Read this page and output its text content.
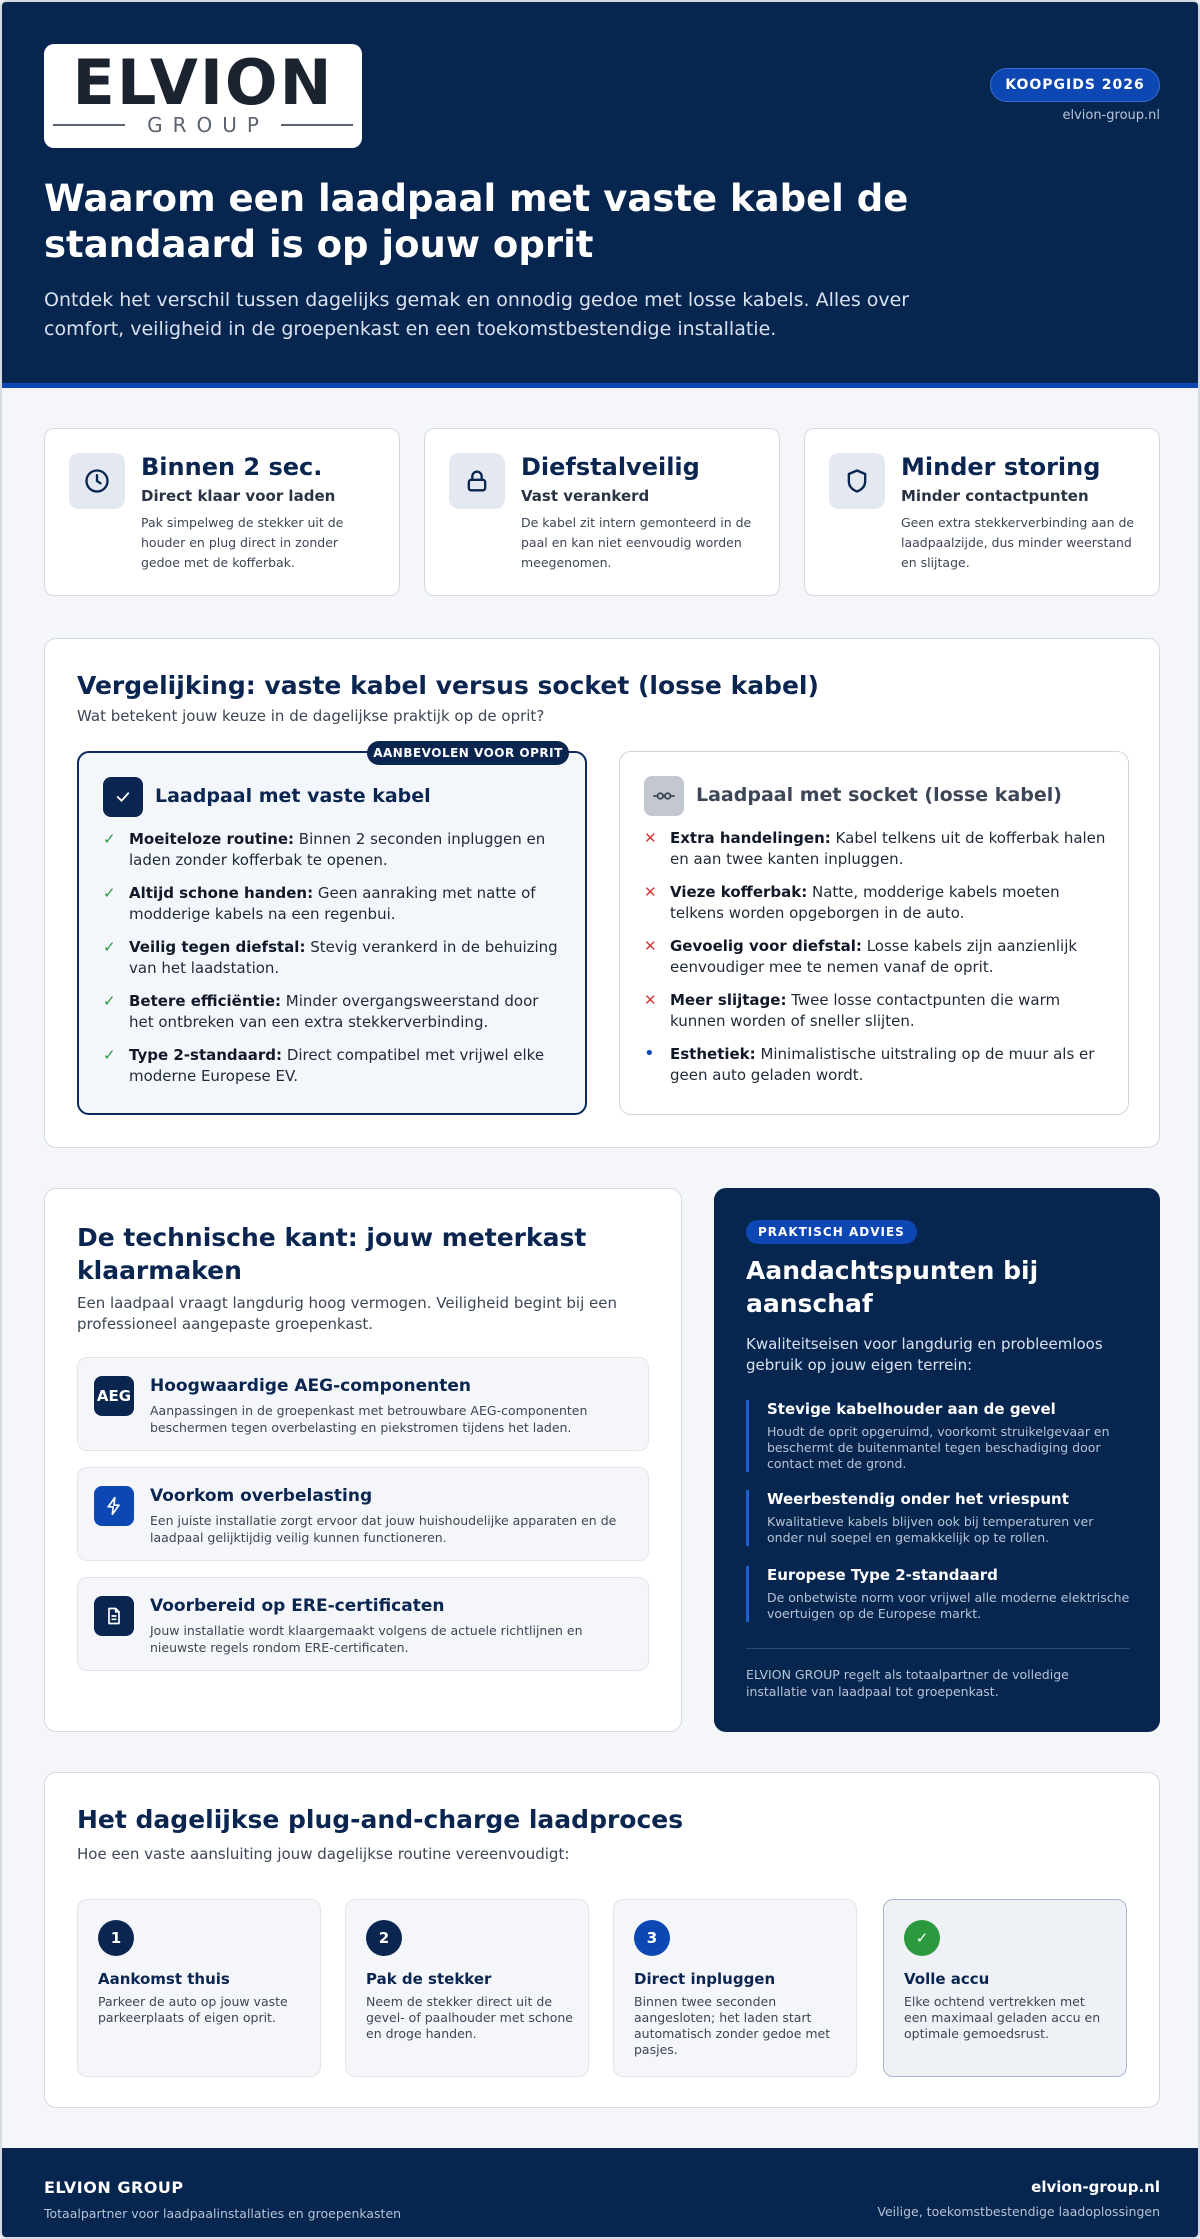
ELVION
GROUP
KOOPGIDS 2026
elvion-group.nl
Waarom een laadpaal met vaste kabel de standaard is op jouw oprit

Ontdek het verschil tussen dagelijks gemak en onnodig gedoe met losse kabels. Alles over comfort, veiligheid in de groepenkast en een toekomstbestendige installatie.

Binnen 2 sec.
Direct klaar voor laden
Pak simpelweg de stekker uit de houder en plug direct in zonder gedoe met de kofferbak.
Diefstalveilig
Vast verankerd
De kabel zit intern gemonteerd in de paal en kan niet eenvoudig worden meegenomen.
Minder storing
Minder contactpunten
Geen extra stekkerverbinding aan de laadpaalzijde, dus minder weerstand en slijtage.
Vergelijking: vaste kabel versus socket (losse kabel)

Wat betekent jouw keuze in de dagelijkse praktijk op de oprit?

AANBEVOLEN VOOR OPRIT
Laadpaal met vaste kabel
✓ Moeiteloze routine: Binnen 2 seconden inpluggen en laden zonder kofferbak te openen.
✓ Altijd schone handen: Geen aanraking met natte of modderige kabels na een regenbui.
✓ Veilig tegen diefstal: Stevig verankerd in de behuizing van het laadstation.
✓ Betere efficiëntie: Minder overgangsweerstand door het ontbreken van een extra stekkerverbinding.
✓ Type 2-standaard: Direct compatibel met vrijwel elke moderne Europese EV.
Laadpaal met socket (losse kabel)
✕ Extra handelingen: Kabel telkens uit de kofferbak halen en aan twee kanten inpluggen.
✕ Vieze kofferbak: Natte, modderige kabels moeten telkens worden opgeborgen in de auto.
✕ Gevoelig voor diefstal: Losse kabels zijn aanzienlijk eenvoudiger mee te nemen vanaf de oprit.
✕ Meer slijtage: Twee losse contactpunten die warm kunnen worden of sneller slijten.
• Esthetiek: Minimalistische uitstraling op de muur als er geen auto geladen wordt.
De technische kant: jouw meterkast klaarmaken

Een laadpaal vraagt langdurig hoog vermogen. Veiligheid begint bij een professioneel aangepaste groepenkast.

AEG Hoogwaardige AEG-componenten
Aanpassingen in de groepenkast met betrouwbare AEG-componenten beschermen tegen overbelasting en piekstromen tijdens het laden.
Voorkom overbelasting
Een juiste installatie zorgt ervoor dat jouw huishoudelijke apparaten en de laadpaal gelijktijdig veilig kunnen functioneren.
Voorbereid op ERE-certificaten
Jouw installatie wordt klaargemaakt volgens de actuele richtlijnen en nieuwste regels rondom ERE-certificaten.
PRAKTISCH ADVIES
Aandachtspunten bij aanschaf

Kwaliteitseisen voor langdurig en probleemloos gebruik op jouw eigen terrein:

Stevige kabelhouder aan de gevel
Houdt de oprit opgeruimd, voorkomt struikelgevaar en beschermt de buitenmantel tegen beschadiging door contact met de grond.
Weerbestendig onder het vriespunt
Kwalitatieve kabels blijven ook bij temperaturen ver onder nul soepel en gemakkelijk op te rollen.
Europese Type 2-standaard
De onbetwiste norm voor vrijwel alle moderne elektrische voertuigen op de Europese markt.
ELVION GROUP regelt als totaalpartner de volledige installatie van laadpaal tot groepenkast.
Het dagelijkse plug-and-charge laadproces

Hoe een vaste aansluiting jouw dagelijkse routine vereenvoudigt:

1
Aankomst thuis
Parkeer de auto op jouw vaste parkeerplaats of eigen oprit.
2
Pak de stekker
Neem de stekker direct uit de gevel- of paalhouder met schone en droge handen.
3
Direct inpluggen
Binnen twee seconden aangesloten; het laden start automatisch zonder gedoe met pasjes.
✓
Volle accu
Elke ochtend vertrekken met een maximaal geladen accu en optimale gemoedsrust.
ELVION GROUP
Totaalpartner voor laadpaalinstallaties en groepenkasten
elvion-group.nl
Veilige, toekomstbestendige laadoplossingen
